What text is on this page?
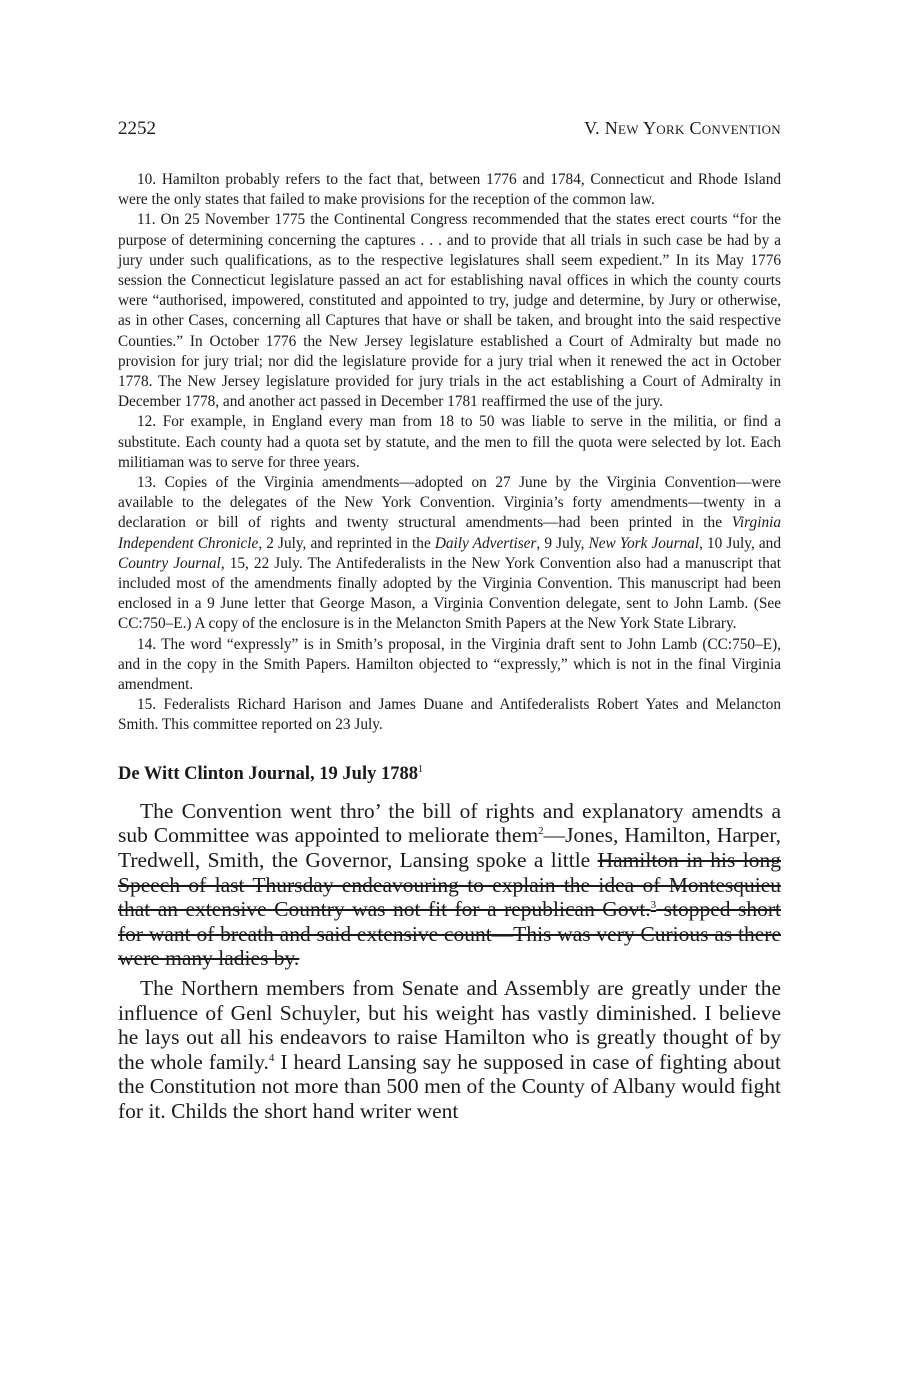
2252	V. New York Convention

10. Hamilton probably refers to the fact that, between 1776 and 1784, Connecticut and Rhode Island were the only states that failed to make provisions for the reception of the common law.

11. On 25 November 1775 the Continental Congress recommended that the states erect courts “for the purpose of determining concerning the captures . . . and to provide that all trials in such case be had by a jury under such qualifications, as to the respective legislatures shall seem expedient.” In its May 1776 session the Connecticut legislature passed an act for establishing naval offices in which the county courts were “authorised, impowered, constituted and appointed to try, judge and determine, by Jury or otherwise, as in other Cases, concerning all Captures that have or shall be taken, and brought into the said respective Counties.” In October 1776 the New Jersey legislature established a Court of Admiralty but made no provision for jury trial; nor did the legislature provide for a jury trial when it renewed the act in October 1778. The New Jersey legislature provided for jury trials in the act establishing a Court of Admiralty in December 1778, and another act passed in December 1781 reaffirmed the use of the jury.

12. For example, in England every man from 18 to 50 was liable to serve in the militia, or find a substitute. Each county had a quota set by statute, and the men to fill the quota were selected by lot. Each militiaman was to serve for three years.

13. Copies of the Virginia amendments—adopted on 27 June by the Virginia Convention—were available to the delegates of the New York Convention. Virginia’s forty amendments—twenty in a declaration or bill of rights and twenty structural amendments—had been printed in the Virginia Independent Chronicle, 2 July, and reprinted in the Daily Advertiser, 9 July, New York Journal, 10 July, and Country Journal, 15, 22 July. The Antifederalists in the New York Convention also had a manuscript that included most of the amendments finally adopted by the Virginia Convention. This manuscript had been enclosed in a 9 June letter that George Mason, a Virginia Convention delegate, sent to John Lamb. (See CC:750–E.) A copy of the enclosure is in the Melancton Smith Papers at the New York State Library.

14. The word “expressly” is in Smith’s proposal, in the Virginia draft sent to John Lamb (CC:750–E), and in the copy in the Smith Papers. Hamilton objected to “expressly,” which is not in the final Virginia amendment.

15. Federalists Richard Harison and James Duane and Antifederalists Robert Yates and Melancton Smith. This committee reported on 23 July.

De Witt Clinton Journal, 19 July 1788$^1$

The Convention went thro’ the bill of rights and explanatory amendts a sub Committee was appointed to meliorate them$^2$—Jones, Hamilton, Harper, Tredwell, Smith, the Governor, Lansing spoke a little Hamilton in his long Speech of last Thursday endeavouring to explain the idea of Montesquieu that an extensive Country was not fit for a republican Govt.$^3$ stopped short for want of breath and said extensive count—This was very Curious as there were many ladies by.

The Northern members from Senate and Assembly are greatly under the influence of Genl Schuyler, but his weight has vastly diminished. I believe he lays out all his endeavors to raise Hamilton who is greatly thought of by the whole family.$^4$ I heard Lansing say he supposed in case of fighting about the Constitution not more than 500 men of the County of Albany would fight for it. Childs the short hand writer went
